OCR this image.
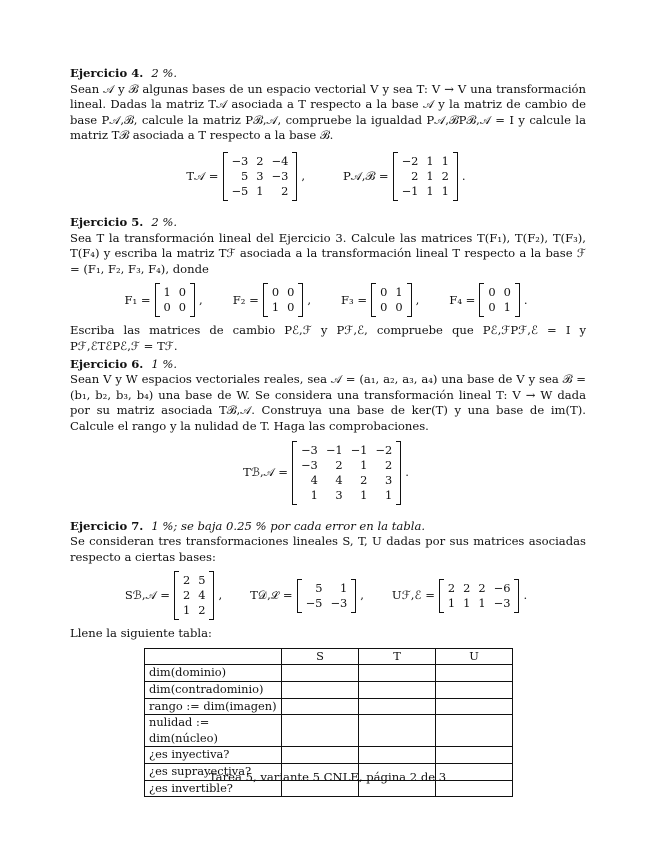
Ejercicio 4. 2 %.
Sean 𝒜 y ℬ algunas bases de un espacio vectorial V y sea T: V → V una transformación lineal. Dadas la matriz T𝒜 asociada a T respecto a la base 𝒜 y la matriz de cambio de base P𝒜,ℬ, calcule la matriz Pℬ,𝒜, compruebe la igualdad P𝒜,ℬPℬ,𝒜 = I y calcule la matriz Tℬ asociada a T respecto a la base ℬ.

T𝒜 =
−3	2	−4
5	3	−3
−5	1	2
,	P𝒜,ℬ =
−2	1	1
2	1	2
−1	1	1
.

Ejercicio 5. 2 %.
Sea T la transformación lineal del Ejercicio 3. Calcule las matrices T(F₁), T(F₂), T(F₃), T(F₄) y escriba la matriz Tℱ asociada a la transformación lineal T respecto a la base ℱ = (F₁, F₂, F₃, F₄), donde

F₁ =
1	0
0	0
,	F₂ =
0	0
1	0
,	F₃ =
0	1
0	0
,	F₄ =
0	0
0	1
.

Escriba las matrices de cambio Pℰ,ℱ y Pℱ,ℰ, compruebe que Pℰ,ℱPℱ,ℰ = I y Pℱ,ℰTℰPℰ,ℱ = Tℱ.

Ejercicio 6. 1 %.
Sean V y W espacios vectoriales reales, sea 𝒜 = (a₁, a₂, a₃, a₄) una base de V y sea ℬ = (b₁, b₂, b₃, b₄) una base de W. Se considera una transformación lineal T: V → W dada por su matriz asociada Tℬ,𝒜. Construya una base de ker(T) y una base de im(T). Calcule el rango y la nulidad de T. Haga las comprobaciones.

Tℬ,𝒜 =
−3	−1	−1	−2
−3	2	1	2
4	4	2	3
1	3	1	1
.

Ejercicio 7. 1 %; se baja 0.25 % por cada error en la tabla.
Se consideran tres transformaciones lineales S, T, U dadas por sus matrices asociadas respecto a ciertas bases:

Sℬ,𝒜 =
2	5
2	4
1	2
, T𝒟,ℒ =
5	1
−5	−3
, Uℱ,ℰ =
2	2	2	−6
1	1	1	−3
.

Llene la siguiente tabla:

	S	T	U
dim(dominio)			
dim(contradominio)			
rango := dim(imagen)			
nulidad := dim(núcleo)			
¿es inyectiva?			
¿es suprayectiva?			
¿es invertible?			
Tarea 5, variante 5 CNLE, página 2 de 3
